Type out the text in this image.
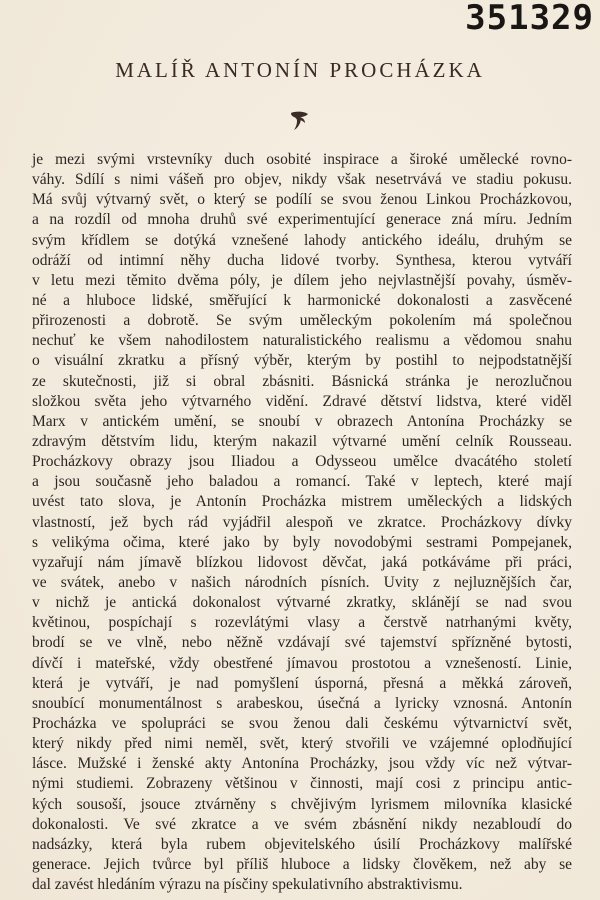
351329
MALÍŘ ANTONÍN PROCHÁZKA
je mezi svými vrstevníky duch osobité inspirace a široké umělecké rovno-
váhy. Sdílí s nimi vášeň pro objev, nikdy však nesetrvává ve stadiu pokusu.
Má svůj výtvarný svět, o který se podílí se svou ženou Linkou Procházkovou,
a na rozdíl od mnoha druhů své experimentující generace zná míru. Jedním
svým křídlem se dotýká vznešené lahody antického ideálu, druhým se
odráží od intimní něhy ducha lidové tvorby. Synthesa, kterou vytváří
v letu mezi těmito dvěma póly, je dílem jeho nejvlastnější povahy, úsměv-
né a hluboce lidské, směřující k harmonické dokonalosti a zasvěcené
přirozenosti a dobrotě. Se svým uměleckým pokolením má společnou
nechuť ke všem nahodilostem naturalistického realismu a vědomou snahu
o visuální zkratku a přísný výběr, kterým by postihl to nejpodstatnější
ze skutečnosti, již si obral zbásniti. Básnická stránka je nerozlučnou
složkou světa jeho výtvarného vidění. Zdravé dětství lidstva, které viděl
Marx v antickém umění, se snoubí v obrazech Antonína Procházky se
zdravým dětstvím lidu, kterým nakazil výtvarné umění celník Rousseau.
Procházkovy obrazy jsou Iliadou a Odysseou umělce dvacátého století
a jsou současně jeho baladou a romancí. Také v leptech, které mají
uvést tato slova, je Antonín Procházka mistrem uměleckých a lidských
vlastností, jež bych rád vyjádřil alespoň ve zkratce. Procházkovy dívky
s velikýma očima, které jako by byly novodobými sestrami Pompejanek,
vyzařují nám jímavě blízkou lidovost děvčat, jaká potkáváme při práci,
ve svátek, anebo v našich národních písních. Uvity z nejluznějších čar,
v nichž je antická dokonalost výtvarné zkratky, sklánějí se nad svou
květinou, pospíchají s rozevlátými vlasy a čerstvě natrhanými květy,
brodí se ve vlně, nebo něžně vzdávají své tajemství spřízněné bytosti,
dívčí i mateřské, vždy obestřené jímavou prostotou a vznešeností. Linie,
která je vytváří, je nad pomyšlení úsporná, přesná a měkká zároveň,
snoubící monumentálnost s arabeskou, úsečná a lyricky vznosná. Antonín
Procházka ve spolupráci se svou ženou dali českému výtvarnictví svět,
který nikdy před nimi neměl, svět, který stvořili ve vzájemné oplodňující
lásce. Mužské i ženské akty Antonína Procházky, jsou vždy víc než výtvar-
nými studiemi. Zobrazeny většinou v činnosti, mají cosi z principu antic-
kých sousoší, jsouce ztvárněny s chvějivým lyrismem milovníka klasické
dokonalosti. Ve své zkratce a ve svém zbásnění nikdy nezabloudí do
nadsázky, která byla rubem objevitelského úsilí Procházkovy malířské
generace. Jejich tvůrce byl příliš hluboce a lidsky člověkem, než aby se
dal zavést hledáním výrazu na písčiny spekulativního abstraktivismu.
